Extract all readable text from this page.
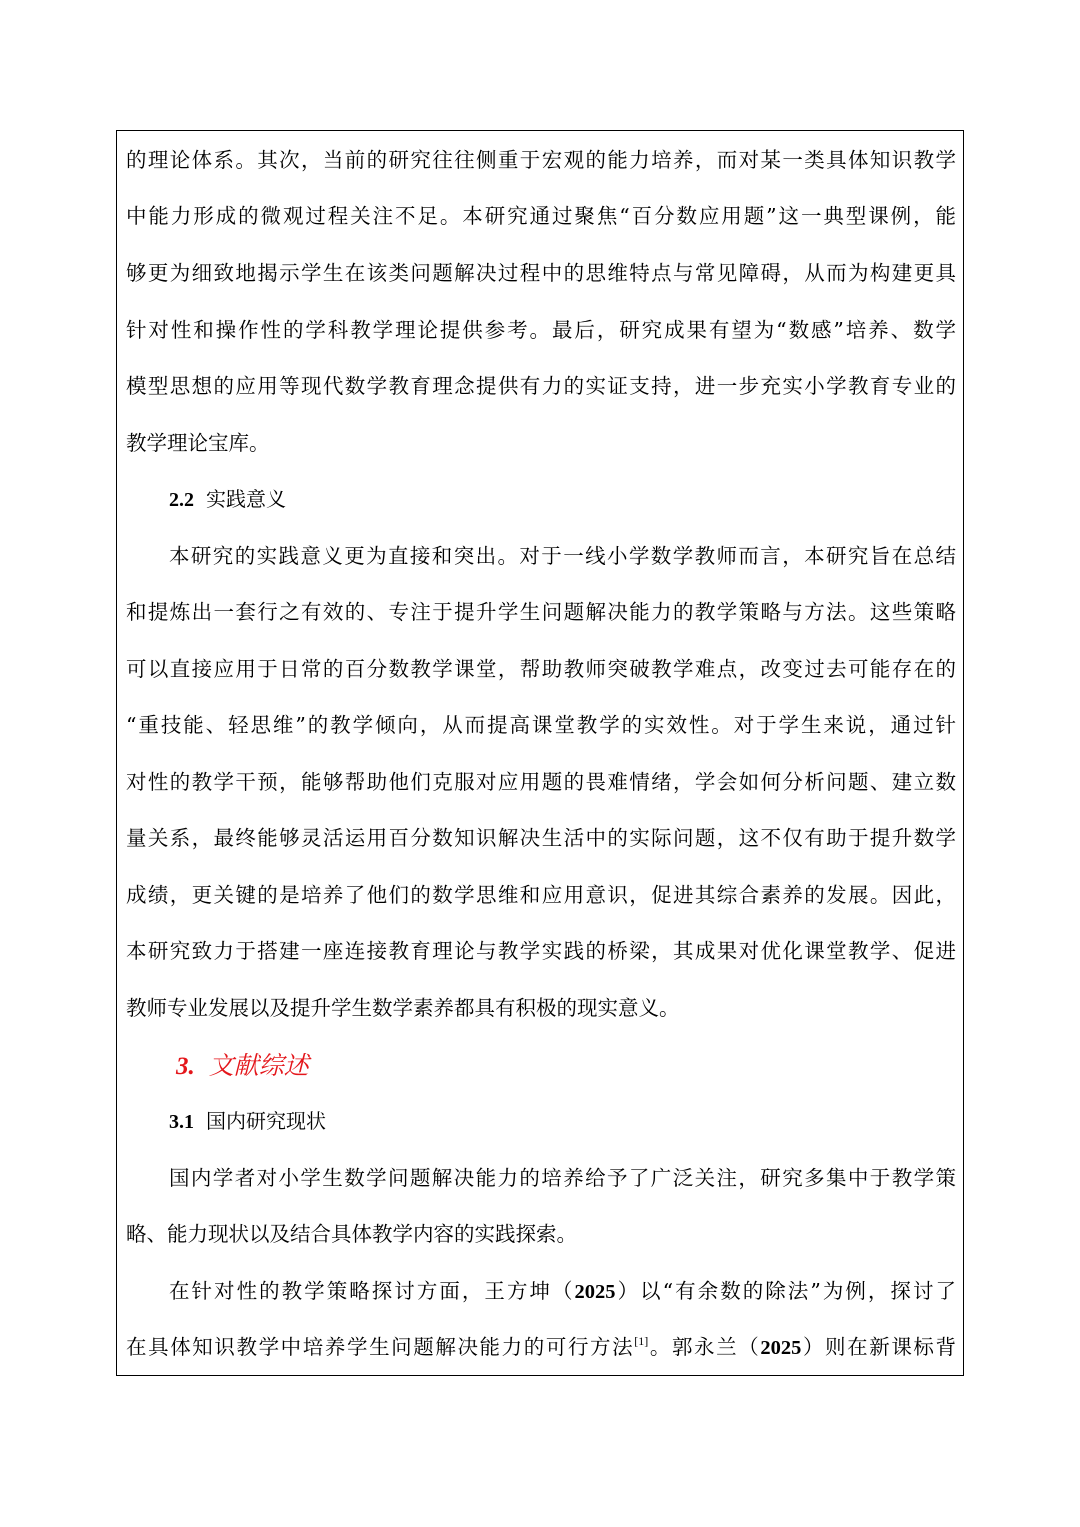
的理论体系。其次，当前的研究往往侧重于宏观的能力培养，而对某一类具体知识教学
中能力形成的微观过程关注不足。本研究通过聚焦“百分数应用题”这一典型课例，能
够更为细致地揭示学生在该类问题解决过程中的思维特点与常见障碍，从而为构建更具
针对性和操作性的学科教学理论提供参考。最后，研究成果有望为“数感”培养、数学
模型思想的应用等现代数学教育理念提供有力的实证支持，进一步充实小学教育专业的
教学理论宝库。
2.2 实践意义
本研究的实践意义更为直接和突出。对于一线小学数学教师而言，本研究旨在总结
和提炼出一套行之有效的、专注于提升学生问题解决能力的教学策略与方法。这些策略
可以直接应用于日常的百分数教学课堂，帮助教师突破教学难点，改变过去可能存在的
“重技能、轻思维”的教学倾向，从而提高课堂教学的实效性。对于学生来说，通过针
对性的教学干预，能够帮助他们克服对应用题的畏难情绪，学会如何分析问题、建立数
量关系，最终能够灵活运用百分数知识解决生活中的实际问题，这不仅有助于提升数学
成绩，更关键的是培养了他们的数学思维和应用意识，促进其综合素养的发展。因此，
本研究致力于搭建一座连接教育理论与教学实践的桥梁，其成果对优化课堂教学、促进
教师专业发展以及提升学生数学素养都具有积极的现实意义。
3. 文献综述
3.1 国内研究现状
国内学者对小学生数学问题解决能力的培养给予了广泛关注，研究多集中于教学策
略、能力现状以及结合具体教学内容的实践探索。
在针对性的教学策略探讨方面，王方坤（2025）以“有余数的除法”为例，探讨了
在具体知识教学中培养学生问题解决能力的可行方法[1]。郭永兰（2025）则在新课标背
